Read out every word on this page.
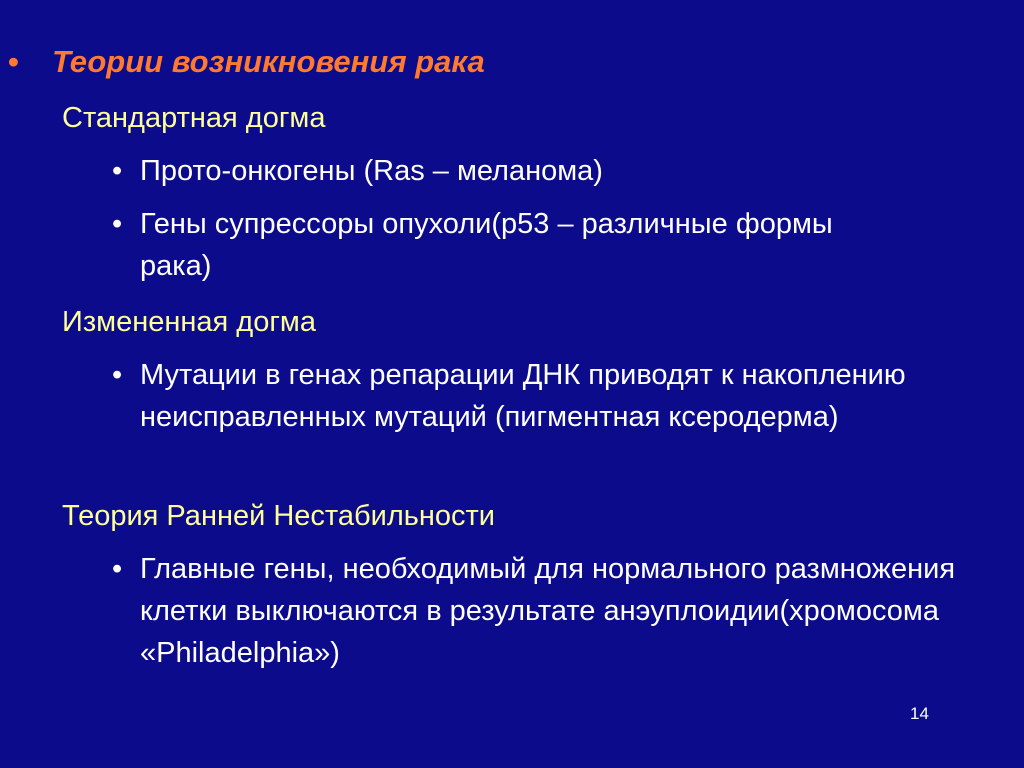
• Теории возникновения рака
Стандартная догма
• Прото-онкогены (Ras – меланома)
• Гены супрессоры опухоли(p53 – различные формы рака)
Измененная догма
• Мутации в генах репарации ДНК приводят к накоплению неисправленных мутаций (пигментная ксеродерма)
Теория Ранней Нестабильности
• Главные гены, необходимый для нормального размножения клетки выключаются в результате анэуплоидии(хромосома «Philadelphia»)
14
